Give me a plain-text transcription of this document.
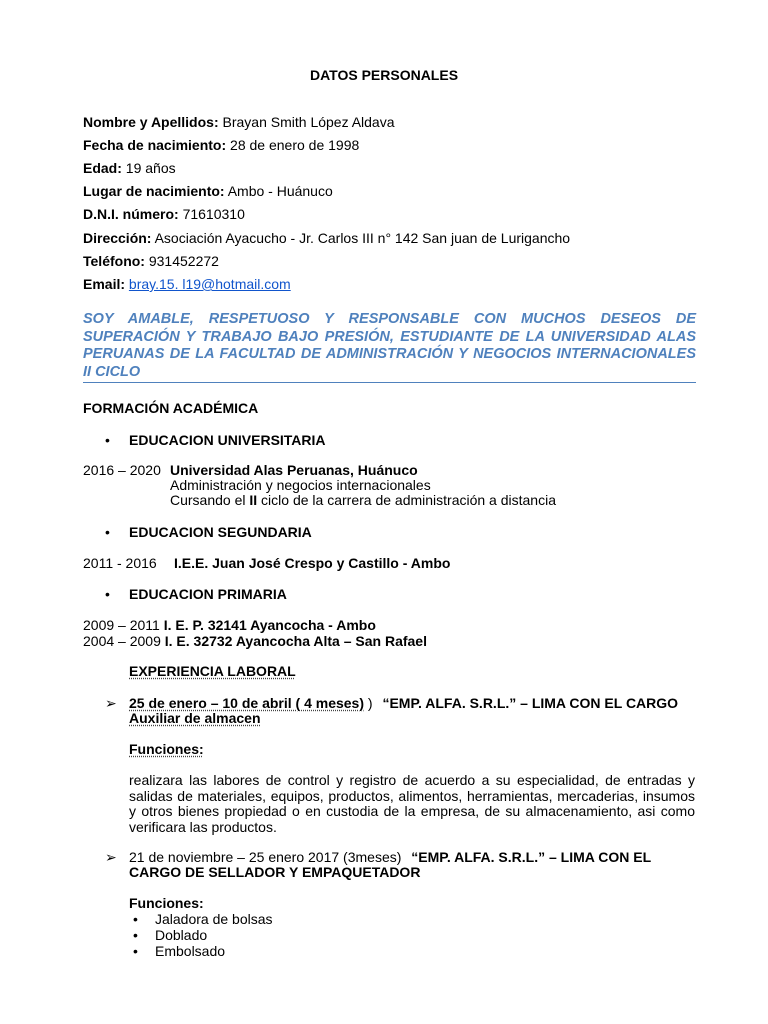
DATOS PERSONALES
Nombre y Apellidos: Brayan Smith López Aldava
Fecha de nacimiento: 28 de enero de 1998
Edad: 19 años
Lugar de nacimiento: Ambo - Huánuco
D.N.I. número: 71610310
Dirección: Asociación Ayacucho - Jr. Carlos III n° 142 San juan de Lurigancho
Teléfono: 931452272
Email: bray.15. l19@hotmail.com
SOY AMABLE, RESPETUOSO Y RESPONSABLE CON MUCHOS DESEOS DE SUPERACIÓN Y TRABAJO BAJO PRESIÓN, ESTUDIANTE DE LA UNIVERSIDAD ALAS PERUANAS DE LA FACULTAD DE ADMINISTRACIÓN Y NEGOCIOS INTERNACIONALES II CICLO
FORMACIÓN ACADÉMICA
• EDUCACION UNIVERSITARIA
2016 – 2020 Universidad Alas Peruanas, Huánuco
Administración y negocios internacionales
Cursando el II ciclo de la carrera de administración a distancia
• EDUCACION SEGUNDARIA
2011 - 2016 I.E.E. Juan José Crespo y Castillo - Ambo
• EDUCACION PRIMARIA
2009 – 2011 I. E. P. 32141 Ayancocha - Ambo
2004 – 2009 I. E. 32732 Ayancocha Alta – San Rafael
EXPERIENCIA LABORAL
➢ 25 de enero – 10 de abril ( 4 meses) ) “EMP. ALFA. S.R.L.” – LIMA CON EL CARGO
Auxiliar de almacen
Funciones:
realizara las labores de control y registro de acuerdo a su especialidad, de entradas y salidas de materiales, equipos, productos, alimentos, herramientas, mercaderias, insumos y otros bienes propiedad o en custodia de la empresa, de su almacenamiento, asi como verificara las productos.
➢ 21 de noviembre – 25 enero 2017 (3meses) “EMP. ALFA. S.R.L.” – LIMA CON EL
CARGO DE SELLADOR Y EMPAQUETADOR
Funciones:
• Jaladora de bolsas
• Doblado
• Embolsado
